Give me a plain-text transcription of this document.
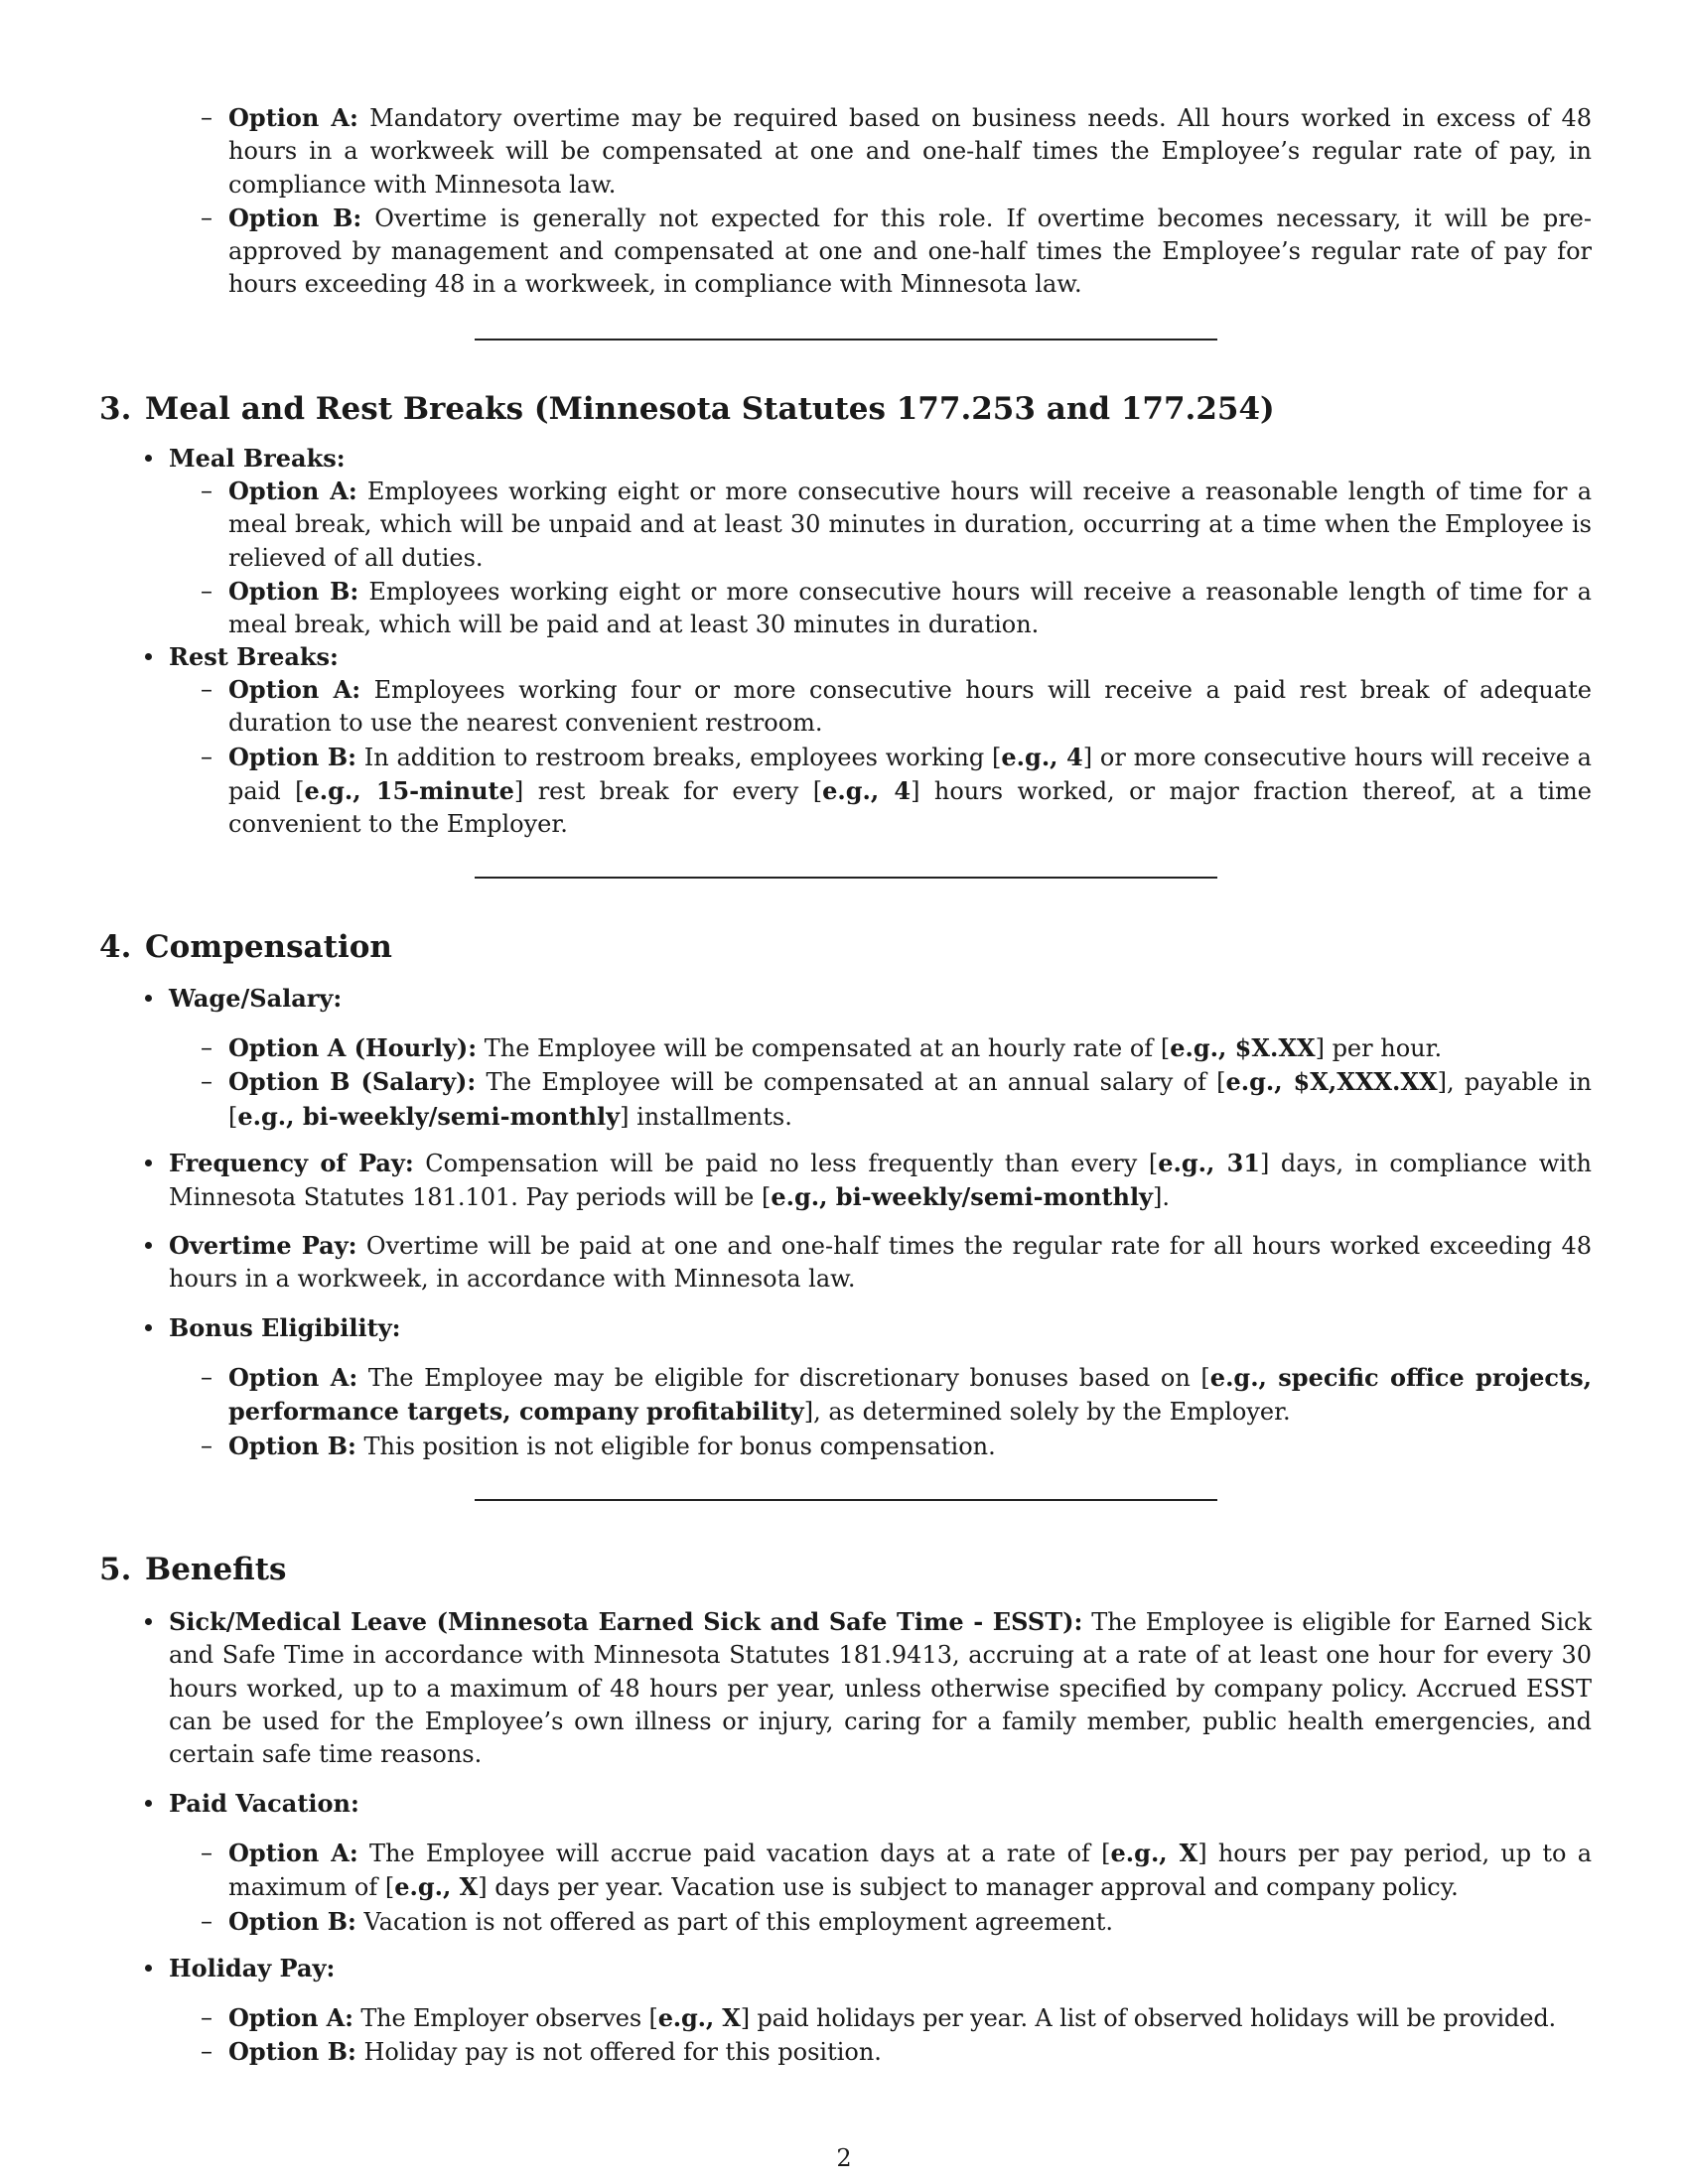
– Option A: Mandatory overtime may be required based on business needs. All hours worked in excess of 48 hours in a workweek will be compensated at one and one-half times the Employee’s regular rate of pay, in compliance with Minnesota law.

– Option B: Overtime is generally not expected for this role. If overtime becomes necessary, it will be pre-approved by management and compensated at one and one-half times the Employee’s regular rate of pay for hours exceeding 48 in a workweek, in compliance with Minnesota law.

3. Meal and Rest Breaks (Minnesota Statutes 177.253 and 177.254)
Meal Breaks:

– Option A: Employees working eight or more consecutive hours will receive a reasonable length of time for a meal break, which will be unpaid and at least 30 minutes in duration, occurring at a time when the Employee is relieved of all duties.

– Option B: Employees working eight or more consecutive hours will receive a reasonable length of time for a meal break, which will be paid and at least 30 minutes in duration.

Rest Breaks:

– Option A: Employees working four or more consecutive hours will receive a paid rest break of adequate duration to use the nearest convenient restroom.

– Option B: In addition to restroom breaks, employees working [e.g., 4] or more consecutive hours will receive a paid [e.g., 15-minute] rest break for every [e.g., 4] hours worked, or major fraction thereof, at a time convenient to the Employer.

4. Compensation
Wage/Salary:

– Option A (Hourly): The Employee will be compensated at an hourly rate of [e.g., $X.XX] per hour.

– Option B (Salary): The Employee will be compensated at an annual salary of [e.g., $X,XXX.XX], payable in [e.g., bi-weekly/semi-monthly] installments.

Frequency of Pay: Compensation will be paid no less frequently than every [e.g., 31] days, in compliance with Minnesota Statutes 181.101. Pay periods will be [e.g., bi-weekly/semi-monthly].
Overtime Pay: Overtime will be paid at one and one-half times the regular rate for all hours worked exceeding 48 hours in a workweek, in accordance with Minnesota law.
Bonus Eligibility:

– Option A: The Employee may be eligible for discretionary bonuses based on [e.g., specific office projects, performance targets, company profitability], as determined solely by the Employer.

– Option B: This position is not eligible for bonus compensation.

5. Benefits
Sick/Medical Leave (Minnesota Earned Sick and Safe Time - ESST): The Employee is eligible for Earned Sick and Safe Time in accordance with Minnesota Statutes 181.9413, accruing at a rate of at least one hour for every 30 hours worked, up to a maximum of 48 hours per year, unless otherwise specified by company policy. Accrued ESST can be used for the Employee’s own illness or injury, caring for a family member, public health emergencies, and certain safe time reasons.
Paid Vacation:

– Option A: The Employee will accrue paid vacation days at a rate of [e.g., X] hours per pay period, up to a maximum of [e.g., X] days per year. Vacation use is subject to manager approval and company policy.

– Option B: Vacation is not offered as part of this employment agreement.

Holiday Pay:

– Option A: The Employer observes [e.g., X] paid holidays per year. A list of observed holidays will be provided.

– Option B: Holiday pay is not offered for this position.

2
